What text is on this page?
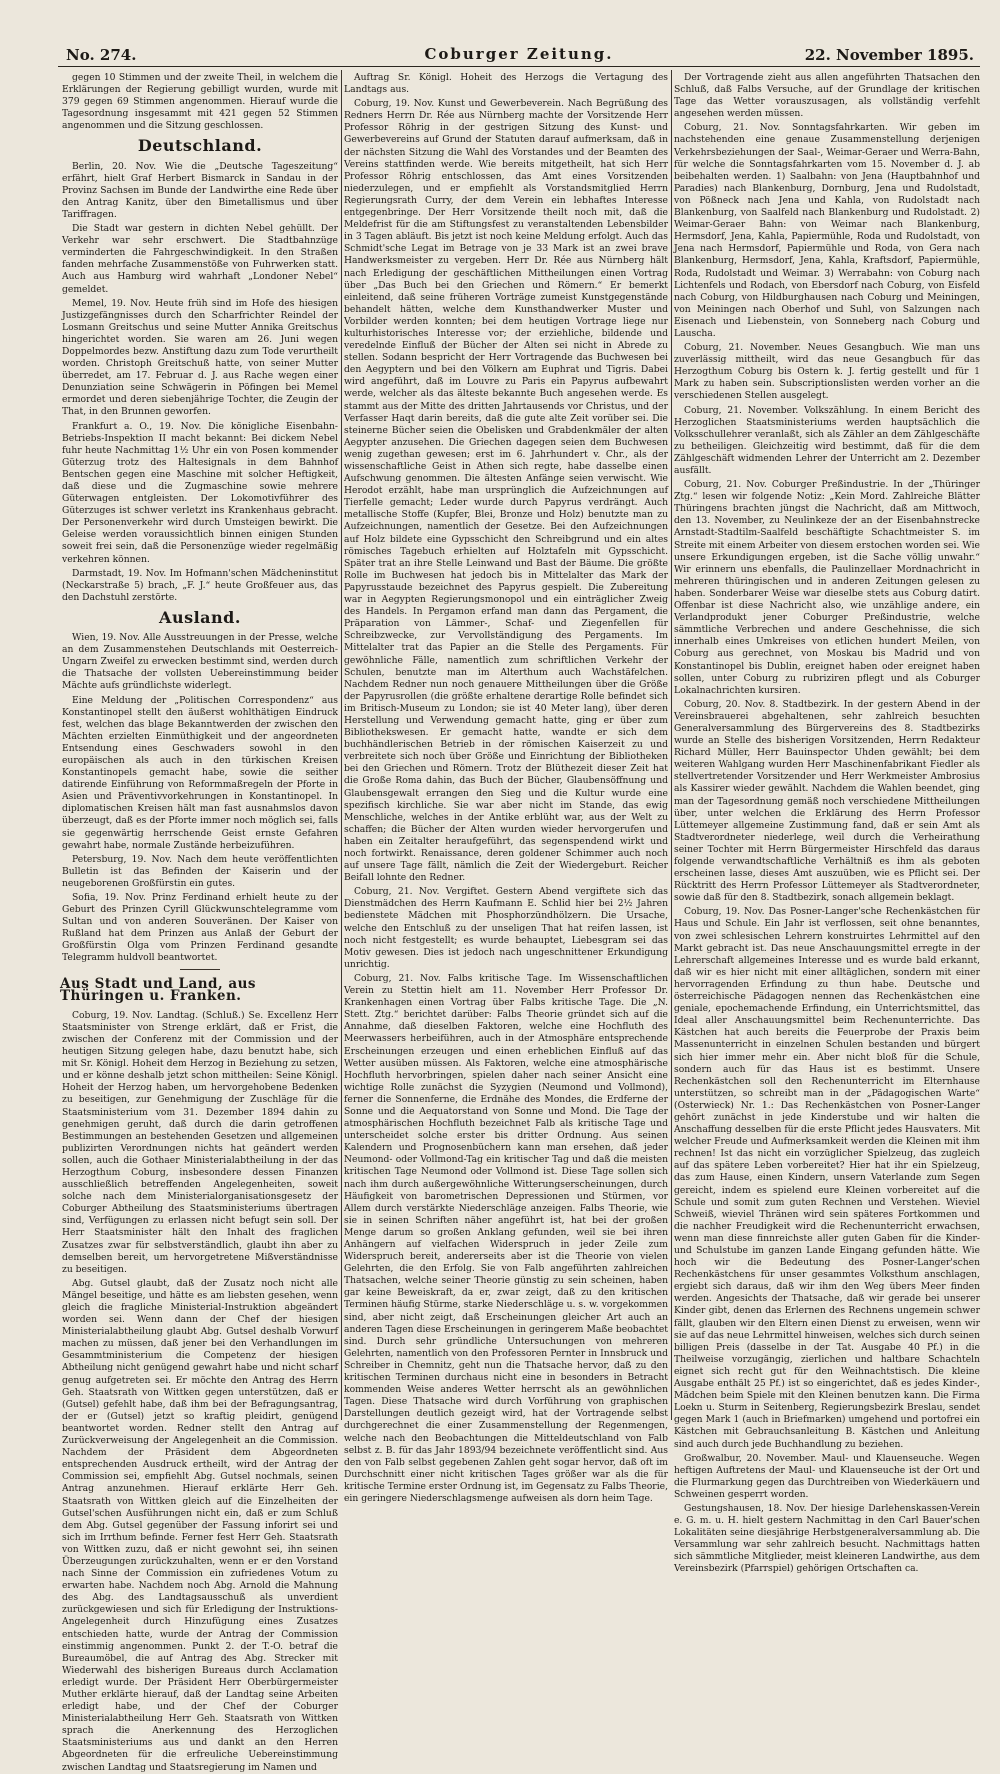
No. 274.	Coburger Zeitung.	22. November 1895.

gegen 10 Stimmen und der zweite Theil, in welchem die Erklärungen der Regierung gebilligt wurden, wurde mit 379 gegen 69 Stimmen angenommen. Hierauf wurde die Tagesordnung insgesammt mit 421 gegen 52 Stimmen angenommen und die Sitzung geschlossen.

Deutschland.

Berlin, 20. Nov. Wie die „Deutsche Tageszeitung“ erfährt, hielt Graf Herbert Bismarck in Sandau in der Provinz Sachsen im Bunde der Landwirthe eine Rede über den Antrag Kanitz, über den Bimetallismus und über Tariffragen.

Die Stadt war gestern in dichten Nebel gehüllt. Der Verkehr war sehr erschwert. Die Stadtbahnzüge verminderten die Fahrgeschwindigkeit. In den Straßen fanden mehrfache Zusammenstöße von Fuhrwerken statt. Auch aus Hamburg wird wahrhaft „Londoner Nebel“ gemeldet.

Memel, 19. Nov. Heute früh sind im Hofe des hiesigen Justizgefängnisses durch den Scharfrichter Reindel der Losmann Greitschus und seine Mutter Annika Greitschus hingerichtet worden. Sie waren am 26. Juni wegen Doppelmordes bezw. Anstiftung dazu zum Tode verurtheilt worden. Christoph Greitschuß hatte, von seiner Mutter überredet, am 17. Februar d. J. aus Rache wegen einer Denunziation seine Schwägerin in Pöfingen bei Memel ermordet und deren siebenjährige Tochter, die Zeugin der That, in den Brunnen geworfen.

Frankfurt a. O., 19. Nov. Die königliche Eisenbahn-Betriebs-Inspektion II macht bekannt: Bei dickem Nebel fuhr heute Nachmittag 1½ Uhr ein von Posen kommender Güterzug trotz des Haltesignals in dem Bahnhof Bentschen gegen eine Maschine mit solcher Heftigkeit, daß diese und die Zugmaschine sowie mehrere Güterwagen entgleisten. Der Lokomotivführer des Güterzuges ist schwer verletzt ins Krankenhaus gebracht. Der Personenverkehr wird durch Umsteigen bewirkt. Die Geleise werden voraussichtlich binnen einigen Stunden soweit frei sein, daß die Personenzüge wieder regelmäßig verkehren können.

Darmstadt, 19. Nov. Im Hofmann'schen Mädcheninstitut (Neckarstraße 5) brach, „F. J.“ heute Großfeuer aus, das den Dachstuhl zerstörte.

Ausland.

Wien, 19. Nov. Alle Ausstreuungen in der Presse, welche an dem Zusammenstehen Deutschlands mit Oesterreich-Ungarn Zweifel zu erwecken bestimmt sind, werden durch die Thatsache der vollsten Uebereinstimmung beider Mächte aufs gründlichste widerlegt.

Eine Meldung der „Politischen Correspondenz“ aus Konstantinopel stellt den äußerst wohlthätigen Eindruck fest, welchen das blage Bekanntwerden der zwischen den Mächten erzielten Einmüthigkeit und der angeordneten Entsendung eines Geschwaders sowohl in den europäischen als auch in den türkischen Kreisen Konstantinopels gemacht habe, sowie die seither datirende Einführung von Reformmaßregeln der Pforte in Asien und Präventivvorkehrungen in Konstantinopel. In diplomatischen Kreisen hält man fast ausnahmslos davon überzeugt, daß es der Pforte immer noch möglich sei, falls sie gegenwärtig herrschende Geist ernste Gefahren gewahrt habe, normale Zustände herbeizuführen.

Petersburg, 19. Nov. Nach dem heute veröffentlichten Bulletin ist das Befinden der Kaiserin und der neugeborenen Großfürstin ein gutes.

Sofia, 19. Nov. Prinz Ferdinand erhielt heute zu der Geburt des Prinzen Cyrill Glückwunschtelegramme vom Sultan und von anderen Souveränen. Der Kaiser von Rußland hat dem Prinzen aus Anlaß der Geburt der Großfürstin Olga vom Prinzen Ferdinand gesandte Telegramm huldvoll beantwortet.

Aus Stadt und Land, aus Thüringen u. Franken.

Coburg, 19. Nov. Landtag. (Schluß.) Se. Excellenz Herr Staatsminister von Strenge erklärt, daß er Frist, die zwischen der Conferenz mit der Commission und der heutigen Sitzung gelegen habe, dazu benutzt habe, sich mit Sr. Königl. Hoheit dem Herzog in Beziehung zu setzen, und er könne deshalb jetzt schon mittheilen: Seine Königl. Hoheit der Herzog haben, um hervorgehobene Bedenken zu beseitigen, zur Genehmigung der Zuschläge für die Staatsministerium vom 31. Dezember 1894 dahin zu genehmigen geruht, daß durch die darin getroffenen Bestimmungen an bestehenden Gesetzen und allgemeinen publizirten Verordnungen nichts hat geändert werden sollen, auch die Gothaer Ministerialabtheilung in der das Herzogthum Coburg, insbesondere dessen Finanzen ausschließlich betreffenden Angelegenheiten, soweit solche nach dem Ministerialorganisationsgesetz der Coburger Abtheilung des Staatsministeriums übertragen sind, Verfügungen zu erlassen nicht befugt sein soll. Der Herr Staatsminister hält den Inhalt des fraglichen Zusatzes zwar für selbstverständlich, glaubt ihn aber zu demselben bereit, um hervorgetretene Mißverständnisse zu beseitigen.

Abg. Gutsel glaubt, daß der Zusatz noch nicht alle Mängel beseitige, und hätte es am liebsten gesehen, wenn gleich die fragliche Ministerial-Instruktion abgeändert worden sei. Wenn dann der Chef der hiesigen Ministerialabtheilung glaubt Abg. Gutsel deshalb Vorwurf machen zu müssen, daß jener bei den Verhandlungen im Gesammtministerium die Competenz der hiesigen Abtheilung nicht genügend gewahrt habe und nicht scharf genug aufgetreten sei. Er möchte den Antrag des Herrn Geh. Staatsrath von Wittken gegen unterstützen, daß er (Gutsel) gefehlt habe, daß ihm bei der Befragungsantrag, der er (Gutsel) jetzt so kraftig pleidirt, genügend beantwortet worden. Redner stellt den Antrag auf Zurückverweisung der Angelegenheit an die Commission. Nachdem der Präsident dem Abgeordneten entsprechenden Ausdruck ertheilt, wird der Antrag der Commission sei, empfiehlt Abg. Gutsel nochmals, seinen Antrag anzunehmen. Hierauf erklärte Herr Geh. Staatsrath von Wittken gleich auf die Einzelheiten der Gutsel'schen Ausführungen nicht ein, daß er zum Schluß dem Abg. Gutsel gegenüber der Fassung inforirt sei und sich im Irrthum befinde. Ferner fest Herr Geh. Staatsrath von Wittken zuzu, daß er nicht gewohnt sei, ihn seinen Überzeugungen zurückzuhalten, wenn er er den Vorstand nach Sinne der Commission ein zufriedenes Votum zu erwarten habe. Nachdem noch Abg. Arnold die Mahnung des Abg. des Landtagsausschuß als unverdient zurückgewiesen und sich für Erledigung der Instruktions-Angelegenheit durch Hinzufügung eines Zusatzes entschieden hatte, wurde der Antrag der Commission einstimmig angenommen. Punkt 2. der T.-O. betraf die Bureaumöbel, die auf Antrag des Abg. Strecker mit Wiederwahl des bisherigen Bureaus durch Acclamation erledigt wurde. Der Präsident Herr Oberbürgermeister Muther erklärte hierauf, daß der Landtag seine Arbeiten erledigt habe, und der Chef der Coburger Ministerialabtheilung Herr Geh. Staatsrath von Wittken sprach die Anerkennung des Herzoglichen Staatsministeriums aus und dankt an den Herren Abgeordneten für die erfreuliche Uebereinstimmung zwischen Landtag und Staatsregierung im Namen und

Auftrag Sr. Königl. Hoheit des Herzogs die Vertagung des Landtags aus.

Coburg, 19. Nov. Kunst und Gewerbeverein. Nach Begrüßung des Redners Herrn Dr. Rée aus Nürnberg machte der Vorsitzende Herr Professor Röhrig in der gestrigen Sitzung des Kunst- und Gewerbevereins auf Grund der Statuten darauf aufmerksam, daß in der nächsten Sitzung die Wahl des Vorstandes und der Beamten des Vereins stattfinden werde. Wie bereits mitgetheilt, hat sich Herr Professor Röhrig entschlossen, das Amt eines Vorsitzenden niederzulegen, und er empfiehlt als Vorstandsmitglied Herrn Regierungsrath Curry, der dem Verein ein lebhaftes Interesse entgegenbringe. Der Herr Vorsitzende theilt noch mit, daß die Meldefrist für die am Stiftungsfest zu veranstaltenden Lebensbilder in 3 Tagen abläuft. Bis jetzt ist noch keine Meldung erfolgt. Auch das Schmidt'sche Legat im Betrage von je 33 Mark ist an zwei brave Handwerksmeister zu vergeben. Herr Dr. Rée aus Nürnberg hält nach Erledigung der geschäftlichen Mittheilungen einen Vortrag über „Das Buch bei den Griechen und Römern.“ Er bemerkt einleitend, daß seine früheren Vorträge zumeist Kunstgegenstände behandelt hätten, welche dem Kunsthandwerker Muster und Vorbilder werden konnten; bei dem heutigen Vortrage liege nur kulturhistorisches Interesse vor; der erziehliche, bildende und veredelnde Einfluß der Bücher der Alten sei nicht in Abrede zu stellen. Sodann bespricht der Herr Vortragende das Buchwesen bei den Aegyptern und bei den Völkern am Euphrat und Tigris. Dabei wird angeführt, daß im Louvre zu Paris ein Papyrus aufbewahrt werde, welcher als das älteste bekannte Buch angesehen werde. Es stammt aus der Mitte des dritten Jahrtausends vor Christus, und der Verfasser Haqt darin bereits, daß die gute alte Zeit vorüber sei. Die steinerne Bücher seien die Obelisken und Grabdenkmäler der alten Aegypter anzusehen. Die Griechen dagegen seien dem Buchwesen wenig zugethan gewesen; erst im 6. Jahrhundert v. Chr., als der wissenschaftliche Geist in Athen sich regte, habe dasselbe einen Aufschwung genommen. Die ältesten Anfänge seien verwischt. Wie Herodot erzählt, habe man ursprünglich die Aufzeichnungen auf Tierfelle gemacht; Leder wurde durch Papyrus verdrängt. Auch metallische Stoffe (Kupfer, Blei, Bronze und Holz) benutzte man zu Aufzeichnungen, namentlich der Gesetze. Bei den Aufzeichnungen auf Holz bildete eine Gypsschicht den Schreibgrund und ein altes römisches Tagebuch erhielten auf Holztafeln mit Gypsschicht. Später trat an ihre Stelle Leinwand und Bast der Bäume. Die größte Rolle im Buchwesen hat jedoch bis in Mittelalter das Mark der Papyrusstaude bezeichnet des Papyrus gespielt. Die Zubereitung war in Aegypten Regierungsmonopol und ein einträglicher Zweig des Handels. In Pergamon erfand man dann das Pergament, die Präparation von Lämmer-, Schaf- und Ziegenfellen für Schreibzwecke, zur Vervollständigung des Pergaments. Im Mittelalter trat das Papier an die Stelle des Pergaments. Für gewöhnliche Fälle, namentlich zum schriftlichen Verkehr der Schulen, benutzte man im Alterthum auch Wachstäfelchen. Nachdem Redner nun noch genauere Mittheilungen über die Größe der Papyrusrollen (die größte erhaltene derartige Rolle befindet sich im Britisch-Museum zu London; sie ist 40 Meter lang), über deren Herstellung und Verwendung gemacht hatte, ging er über zum Bibliothekswesen. Er gemacht hatte, wandte er sich dem buchhändlerischen Betrieb in der römischen Kaiserzeit zu und verbreitete sich noch über Größe und Einrichtung der Bibliotheken bei den Griechen und Römern. Trotz der Blüthezeit dieser Zeit hat die Große Roma dahin, das Buch der Bücher, Glaubensöffnung und Glaubensgewalt errangen den Sieg und die Kultur wurde eine spezifisch kirchliche. Sie war aber nicht im Stande, das ewig Menschliche, welches in der Antike erblüht war, aus der Welt zu schaffen; die Bücher der Alten wurden wieder hervorgerufen und haben ein Zeitalter heraufgeführt, das segenspendend wirkt und noch fortwirkt. Renaissance, deren goldener Schimmer auch noch auf unsere Tage fällt, nämlich die Zeit der Wiedergeburt. Reicher Beifall lohnte den Redner.

Coburg, 21. Nov. Vergiftet. Gestern Abend vergiftete sich das Dienstmädchen des Herrn Kaufmann E. Schlid hier bei 2½ Jahren bedienstete Mädchen mit Phosphorzündhölzern. Die Ursache, welche den Entschluß zu der unseligen That hat reifen lassen, ist noch nicht festgestellt; es wurde behauptet, Liebesgram sei das Motiv gewesen. Dies ist jedoch nach ungeschnittener Erkundigung unrichtig.

Coburg, 21. Nov. Falbs kritische Tage. Im Wissenschaftlichen Verein zu Stettin hielt am 11. November Herr Professor Dr. Krankenhagen einen Vortrag über Falbs kritische Tage. Die „N. Stett. Ztg.“ berichtet darüber: Falbs Theorie gründet sich auf die Annahme, daß dieselben Faktoren, welche eine Hochfluth des Meerwassers herbeiführen, auch in der Atmosphäre entsprechende Erscheinungen erzeugen und einen erheblichen Einfluß auf das Wetter ausüben müssen. Als Faktoren, welche eine atmosphärische Hochfluth hervorbringen, spielen daher nach seiner Ansicht eine wichtige Rolle zunächst die Syzygien (Neumond und Vollmond), ferner die Sonnenferne, die Erdnähe des Mondes, die Erdferne der Sonne und die Aequatorstand von Sonne und Mond. Die Tage der atmosphärischen Hochfluth bezeichnet Falb als kritische Tage und unterscheidet solche erster bis dritter Ordnung. Aus seinen Kalendern und Prognosenbüchern kann man ersehen, daß jeder Neumond- oder Vollmond-Tag ein kritischer Tag und daß die meisten kritischen Tage Neumond oder Vollmond ist. Diese Tage sollen sich nach ihm durch außergewöhnliche Witterungserscheinungen, durch Häufigkeit von barometrischen Depressionen und Stürmen, vor Allem durch verstärkte Niederschläge anzeigen. Falbs Theorie, wie sie in seinen Schriften näher angeführt ist, hat bei der großen Menge darum so großen Anklang gefunden, weil sie bei ihren Anhängern auf vielfachen Widerspruch in jeder Zeile zum Widerspruch bereit, andererseits aber ist die Theorie von vielen Gelehrten, die den Erfolg. Sie von Falb angeführten zahlreichen Thatsachen, welche seiner Theorie günstig zu sein scheinen, haben gar keine Beweiskraft, da er, zwar zeigt, daß zu den kritischen Terminen häufig Stürme, starke Niederschläge u. s. w. vorgekommen sind, aber nicht zeigt, daß Erscheinungen gleicher Art auch an anderen Tagen diese Erscheinungen in geringerem Maße beobachtet sind. Durch sehr gründliche Untersuchungen von mehreren Gelehrten, namentlich von den Professoren Pernter in Innsbruck und Schreiber in Chemnitz, geht nun die Thatsache hervor, daß zu den kritischen Terminen durchaus nicht eine in besonders in Betracht kommenden Weise anderes Wetter herrscht als an gewöhnlichen Tagen. Diese Thatsache wird durch Vorführung von graphischen Darstellungen deutlich gezeigt wird, hat der Vortragende selbst durchgerechnet die einer Zusammenstellung der Regenmengen, welche nach den Beobachtungen die Mitteldeutschland von Falb selbst z. B. für das Jahr 1893/94 bezeichnete veröffentlicht sind. Aus den von Falb selbst gegebenen Zahlen geht sogar hervor, daß oft im Durchschnitt einer nicht kritischen Tages größer war als die für kritische Termine erster Ordnung ist, im Gegensatz zu Falbs Theorie, ein geringere Niederschlagsmenge aufweisen als dorn heim Tage.

Der Vortragende zieht aus allen angeführten Thatsachen den Schluß, daß Falbs Versuche, auf der Grundlage der kritischen Tage das Wetter vorauszusagen, als vollständig verfehlt angesehen werden müssen.

Coburg, 21. Nov. Sonntagsfahrkarten. Wir geben im nachstehenden eine genaue Zusammenstellung derjenigen Verkehrsbeziehungen der Saal-, Weimar-Geraer und Werra-Bahn, für welche die Sonntagsfahrkarten vom 15. November d. J. ab beibehalten werden. 1) Saalbahn: von Jena (Hauptbahnhof und Paradies) nach Blankenburg, Dornburg, Jena und Rudolstadt, von Pößneck nach Jena und Kahla, von Rudolstadt nach Blankenburg, von Saalfeld nach Blankenburg und Rudolstadt. 2) Weimar-Geraer Bahn: von Weimar nach Blankenburg, Hermsdorf, Jena, Kahla, Papiermühle, Roda und Rudolstadt, von Jena nach Hermsdorf, Papiermühle und Roda, von Gera nach Blankenburg, Hermsdorf, Jena, Kahla, Kraftsdorf, Papiermühle, Roda, Rudolstadt und Weimar. 3) Werrabahn: von Coburg nach Lichtenfels und Rodach, von Ebersdorf nach Coburg, von Eisfeld nach Coburg, von Hildburghausen nach Coburg und Meiningen, von Meiningen nach Oberhof und Suhl, von Salzungen nach Eisenach und Liebenstein, von Sonneberg nach Coburg und Lauscha.

Coburg, 21. November. Neues Gesangbuch. Wie man uns zuverlässig mittheilt, wird das neue Gesangbuch für das Herzogthum Coburg bis Ostern k. J. fertig gestellt und für 1 Mark zu haben sein. Subscriptionslisten werden vorher an die verschiedenen Stellen ausgelegt.

Coburg, 21. November. Volkszählung. In einem Bericht des Herzoglichen Staatsministeriums werden hauptsächlich die Volksschullehrer veranlaßt, sich als Zähler an dem Zählgeschäfte zu betheiligen. Gleichzeitig wird bestimmt, daß für die dem Zählgeschäft widmenden Lehrer der Unterricht am 2. Dezember ausfällt.

Coburg, 21. Nov. Coburger Preßindustrie. In der „Thüringer Ztg.“ lesen wir folgende Notiz: „Kein Mord. Zahlreiche Blätter Thüringens brachten jüngst die Nachricht, daß am Mittwoch, den 13. November, zu Neulinkeze der an der Eisenbahnstrecke Arnstadt-Stadtilm-Saalfeld beschäftigte Schachtmeister S. im Streite mit einem Arbeiter von diesem erstochen worden sei. Wie unsere Erkundigungen ergeben, ist die Sache völlig unwahr.“ Wir erinnern uns ebenfalls, die Paulinzellaer Mordnachricht in mehreren thüringischen und in anderen Zeitungen gelesen zu haben. Sonderbarer Weise war dieselbe stets aus Coburg datirt. Offenbar ist diese Nachricht also, wie unzählige andere, ein Verlandprodukt jener Coburger Preßindustrie, welche sämmtliche Verbrechen und andere Geschehnisse, die sich innerhalb eines Umkreises von etlichen hundert Meilen, von Coburg aus gerechnet, von Moskau bis Madrid und von Konstantinopel bis Dublin, ereignet haben oder ereignet haben sollen, unter Coburg zu rubriziren pflegt und als Coburger Lokalnachrichten kursiren.

Coburg, 20. Nov. 8. Stadtbezirk. In der gestern Abend in der Vereinsbrauerei abgehaltenen, sehr zahlreich besuchten Generalversammlung des Bürgervereins des 8. Stadtbezirks wurde an Stelle des bisherigen Vorsitzenden, Herrn Redakteur Richard Müller, Herr Bauinspector Uhden gewählt; bei dem weiteren Wahlgang wurden Herr Maschinenfabrikant Fiedler als stellvertretender Vorsitzender und Herr Werkmeister Ambrosius als Kassirer wieder gewählt. Nachdem die Wahlen beendet, ging man der Tagesordnung gemäß noch verschiedene Mittheilungen über, unter welchen die Erklärung des Herrn Professor Lüttemeyer allgemeine Zustimmung fand, daß er sein Amt als Stadtverordneter niederlege, weil durch die Verheirathung seiner Tochter mit Herrn Bürgermeister Hirschfeld das daraus folgende verwandtschaftliche Verhältniß es ihm als geboten erscheinen lasse, dieses Amt auszuüben, wie es Pflicht sei. Der Rücktritt des Herrn Professor Lüttemeyer als Stadtverordneter, sowie daß für den 8. Stadtbezirk, sonach allgemein beklagt.

Coburg, 19. Nov. Das Posner-Langer'sche Rechenkästchen für Haus und Schule. Ein Jahr ist verflossen, seit ohne benanntes, von zwei schlesischen Lehrern konstruirtes Lehrmittel auf den Markt gebracht ist. Das neue Anschauungsmittel erregte in der Lehrerschaft allgemeines Interesse und es wurde bald erkannt, daß wir es hier nicht mit einer alltäglichen, sondern mit einer hervorragenden Erfindung zu thun habe. Deutsche und österreichische Pädagogen nennen das Rechenkästchen eine geniale, epochemachende Erfindung, ein Unterrichtsmittel, das Ideal aller Anschauungsmittel beim Rechenunterrichte. Das Kästchen hat auch bereits die Feuerprobe der Praxis beim Massenunterricht in einzelnen Schulen bestanden und bürgert sich hier immer mehr ein. Aber nicht bloß für die Schule, sondern auch für das Haus ist es bestimmt. Unsere Rechenkästchen soll den Rechenunterricht im Elternhause unterstützen, so schreibt man in der „Pädagogischen Warte“ (Osterwieck) Nr. 1.: Das Rechenkästchen von Posner-Langer gehört zunächst in jede Kinderstube und wir halten die Anschaffung desselben für die erste Pflicht jedes Hausvaters. Mit welcher Freude und Aufmerksamkeit werden die Kleinen mit ihm rechnen! Ist das nicht ein vorzüglicher Spielzeug, das zugleich auf das spätere Leben vorbereitet? Hier hat ihr ein Spielzeug, das zum Hause, einen Kindern, unsern Vaterlande zum Segen gereicht, indem es spielend eure Kleinen vorbereitet auf die Schule und somit zum guten Rechnen und Verstehen. Wieviel Schweiß, wieviel Thränen wird sein späteres Fortkommen und die nachher Freudigkeit wird die Rechenunterricht erwachsen, wenn man diese finnreichste aller guten Gaben für die Kinder- und Schulstube im ganzen Lande Eingang gefunden hätte. Wie hoch wir die Bedeutung des Posner-Langer'schen Rechenkästchens für unser gesammtes Volksthum anschlagen, ergiebt sich daraus, daß wir ihm den Weg übers Meer finden werden. Angesichts der Thatsache, daß wir gerade bei unserer Kinder gibt, denen das Erlernen des Rechnens ungemein schwer fällt, glauben wir den Eltern einen Dienst zu erweisen, wenn wir sie auf das neue Lehrmittel hinweisen, welches sich durch seinen billigen Preis (dasselbe in der Tat. Ausgabe 40 Pf.) in die Theilweise vorzugängig, zierlichen und haltbare Schachteln eignet sich recht gut für den Weihnachtstisch. Die kleine Ausgabe enthält 25 Pf.) ist so eingerichtet, daß es jedes Kinder-, Mädchen beim Spiele mit den Kleinen benutzen kann. Die Firma Loekn u. Sturm in Seitenberg, Regierungsbezirk Breslau, sendet gegen Mark 1 (auch in Briefmarken) umgehend und portofrei ein Kästchen mit Gebrauchsanleitung B. Kästchen und Anleitung sind auch durch jede Buchhandlung zu beziehen.

Großwalbur, 20. November. Maul- und Klauenseuche. Wegen heftigen Auftretens der Maul- und Klauenseuche ist der Ort und die Flurmarkung gegen das Durchtreiben von Wiederkäuern und Schweinen gesperrt worden.

Gestungshausen, 18. Nov. Der hiesige Darlehenskassen-Verein e. G. m. u. H. hielt gestern Nachmittag in den Carl Bauer'schen Lokalitäten seine diesjährige Herbstgeneralversammlung ab. Die Versammlung war sehr zahlreich besucht. Nachmittags hatten sich sämmtliche Mitglieder, meist kleineren Landwirthe, aus dem Vereinsbezirk (Pfarrspiel) gehörigen Ortschaften ca.
